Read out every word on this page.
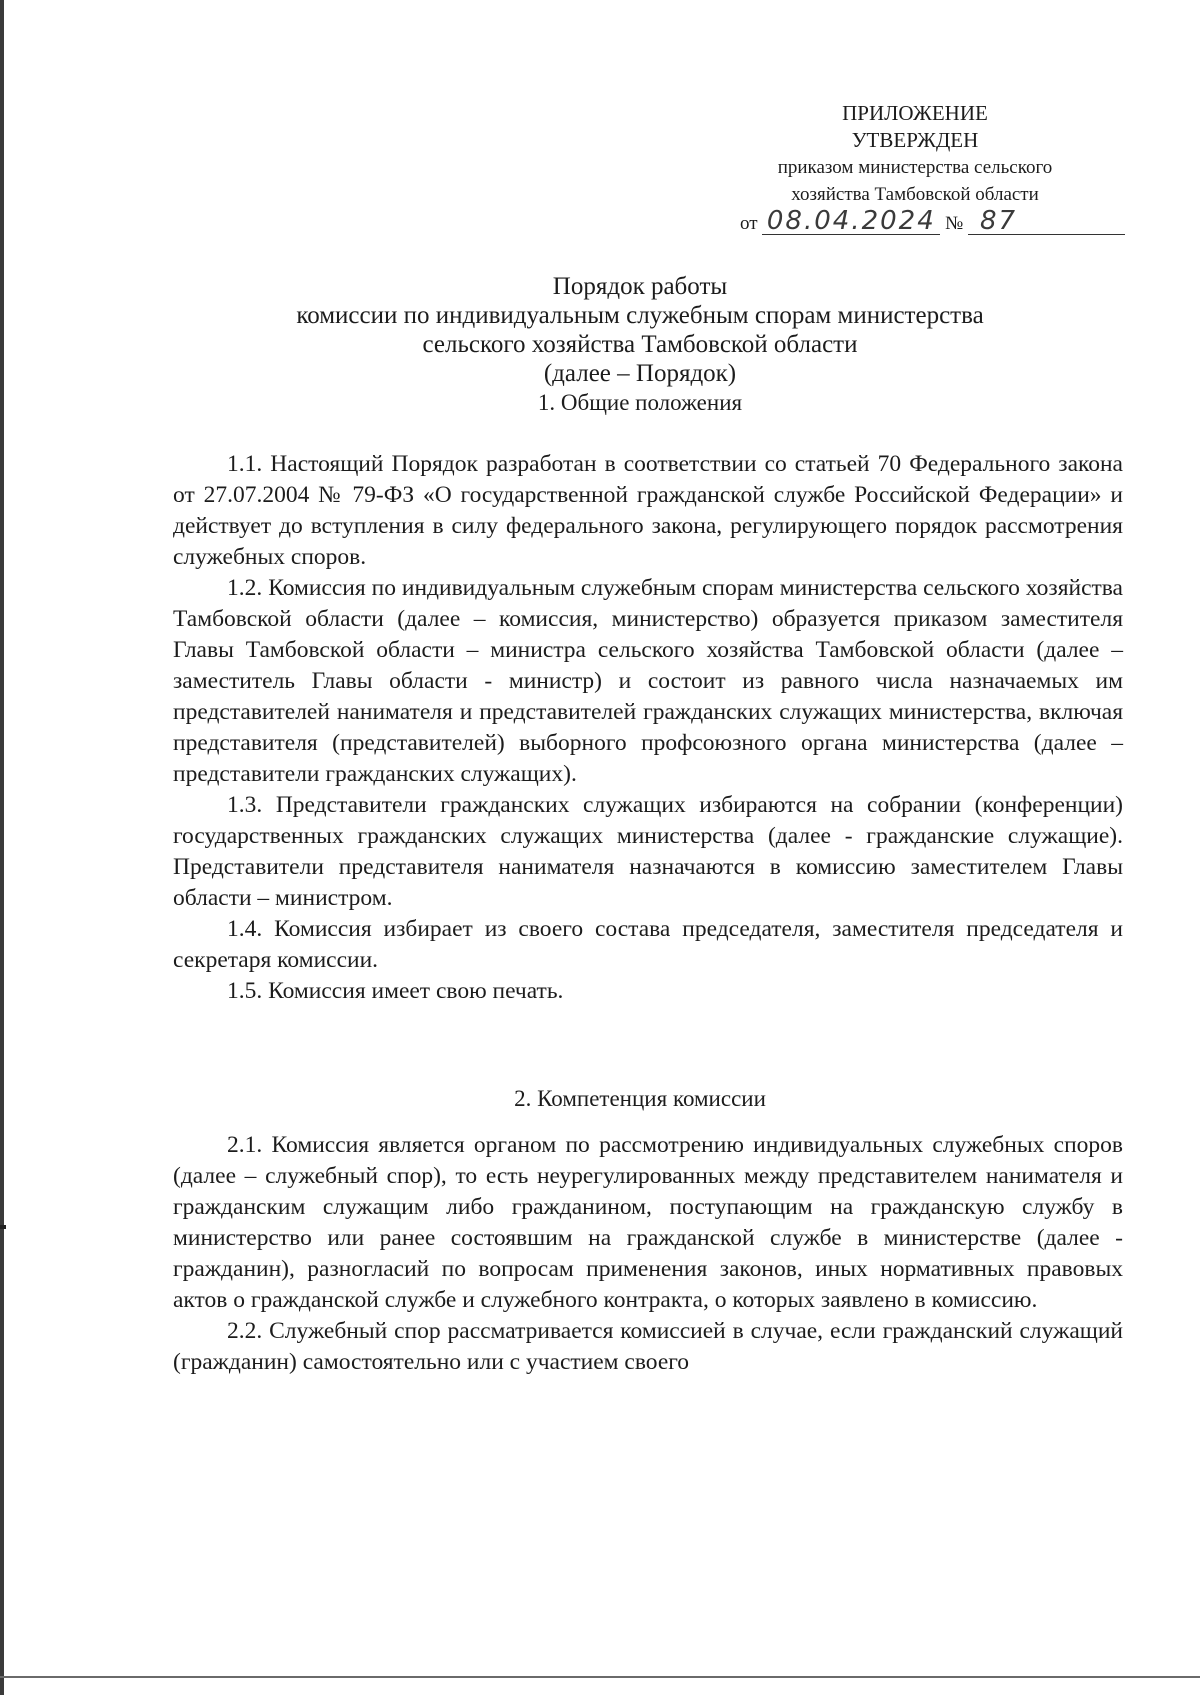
ПРИЛОЖЕНИЕ
УТВЕРЖДЕН
приказом министерства сельского
хозяйства Тамбовской области
от 08.04.2024 № 87
Порядок работы
комиссии по индивидуальным служебным спорам министерства
сельского хозяйства Тамбовской области
(далее – Порядок)
1. Общие положения

1.1. Настоящий Порядок разработан в соответствии со статьей 70 Федерального закона от 27.07.2004 № 79-ФЗ «О государственной гражданской службе Российской Федерации» и действует до вступления в силу федерального закона, регулирующего порядок рассмотрения служебных споров.

1.2. Комиссия по индивидуальным служебным спорам министерства сельского хозяйства Тамбовской области (далее – комиссия, министерство) образуется приказом заместителя Главы Тамбовской области – министра сельского хозяйства Тамбовской области (далее – заместитель Главы области - министр) и состоит из равного числа назначаемых им представителей нанимателя и представителей гражданских служащих министерства, включая представителя (представителей) выборного профсоюзного органа министерства (далее – представители гражданских служащих).

1.3. Представители гражданских служащих избираются на собрании (конференции) государственных гражданских служащих министерства (далее - гражданские служащие). Представители представителя нанимателя назначаются в комиссию заместителем Главы области – министром.

1.4. Комиссия избирает из своего состава председателя, заместителя председателя и секретаря комиссии.

1.5. Комиссия имеет свою печать.

2. Компетенция комиссии

2.1. Комиссия является органом по рассмотрению индивидуальных служебных споров (далее – служебный спор), то есть неурегулированных между представителем нанимателя и гражданским служащим либо гражданином, поступающим на гражданскую службу в министерство или ранее состоявшим на гражданской службе в министерстве (далее - гражданин), разногласий по вопросам применения законов, иных нормативных правовых актов о гражданской службе и служебного контракта, о которых заявлено в комиссию.

2.2. Служебный спор рассматривается комиссией в случае, если гражданский служащий (гражданин) самостоятельно или с участием своего
